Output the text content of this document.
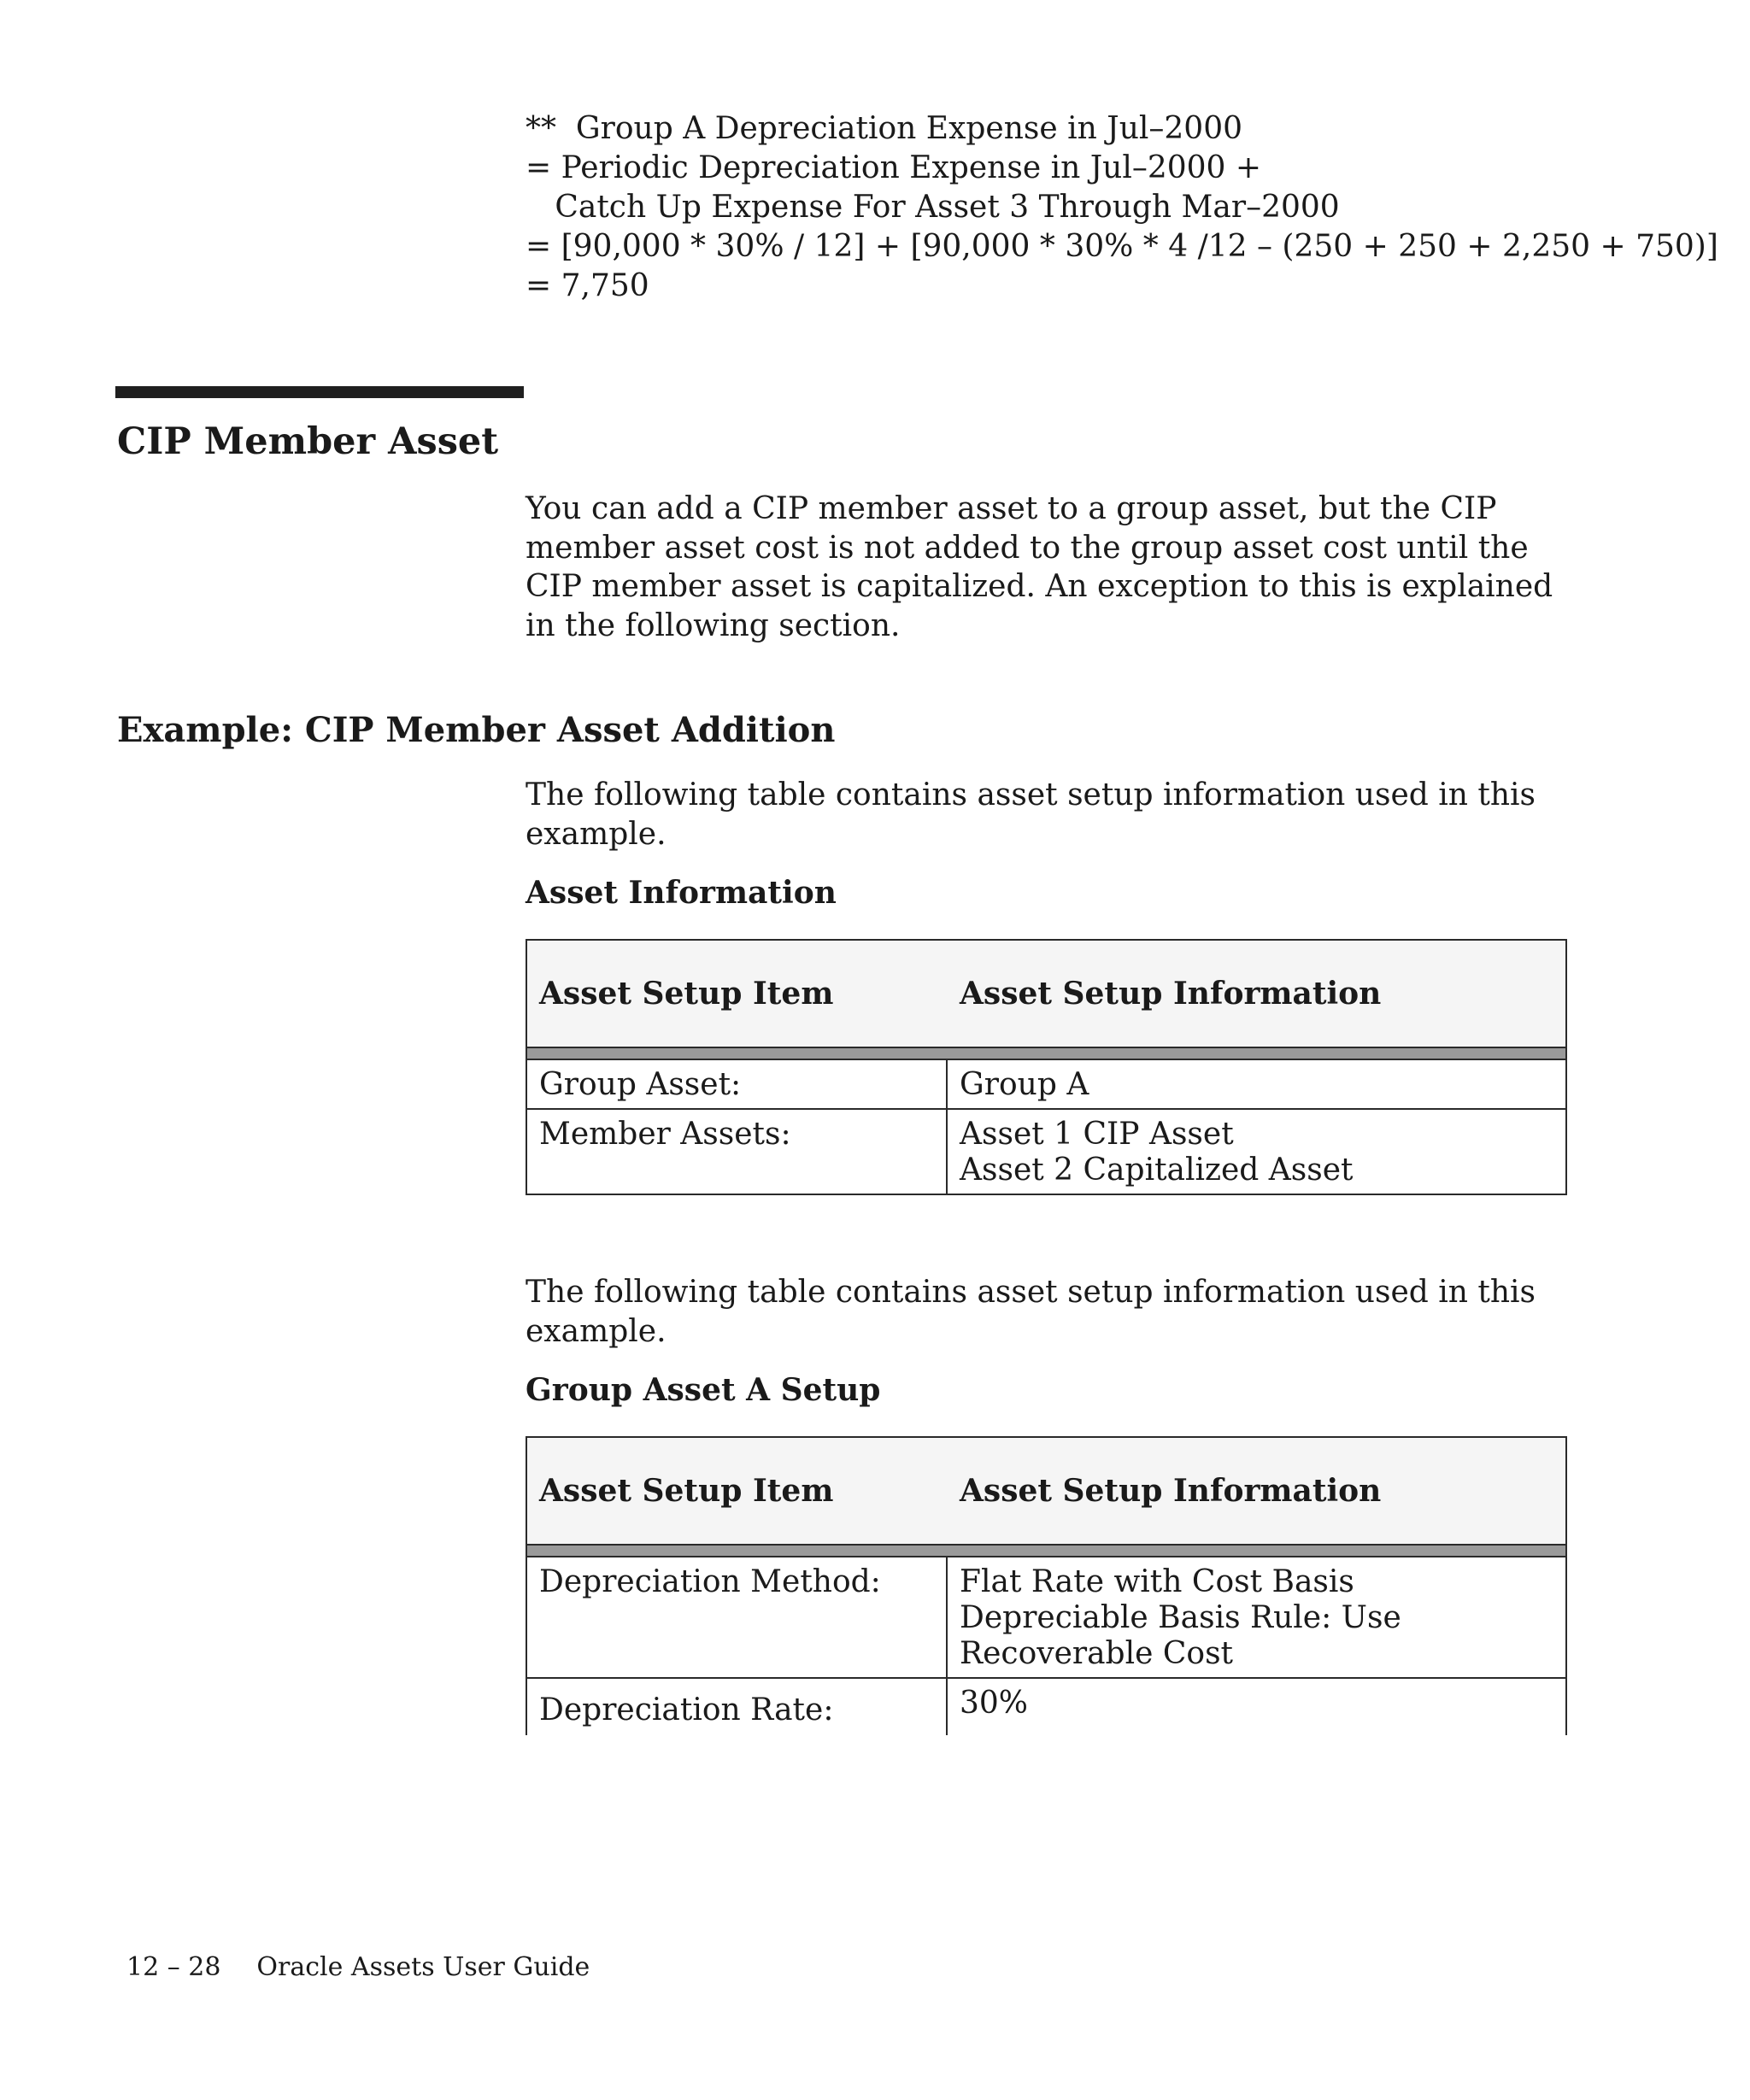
**  Group A Depreciation Expense in Jul–2000
= Periodic Depreciation Expense in Jul–2000 +
Catch Up Expense For Asset 3 Through Mar–2000
= [90,000 * 30% / 12] + [90,000 * 30% * 4 /12 – (250 + 250 + 2,250 + 750)]
= 7,750
CIP Member Asset

You can add a CIP member asset to a group asset, but the CIP member asset cost is not added to the group asset cost until the CIP member asset is capitalized. An exception to this is explained in the following section.

Example: CIP Member Asset Addition

The following table contains asset setup information used in this example.

Asset Information

Asset Setup Item	Asset Setup Information
Group Asset:	Group A
Member Assets:	Asset 1 CIP Asset
Asset 2 Capitalized Asset

The following table contains asset setup information used in this example.

Group Asset A Setup

Asset Setup Item	Asset Setup Information
Depreciation Method:	Flat Rate with Cost Basis
Depreciable Basis Rule: Use Recoverable Cost
Depreciation Rate:	30%
12 – 28 Oracle Assets User Guide
